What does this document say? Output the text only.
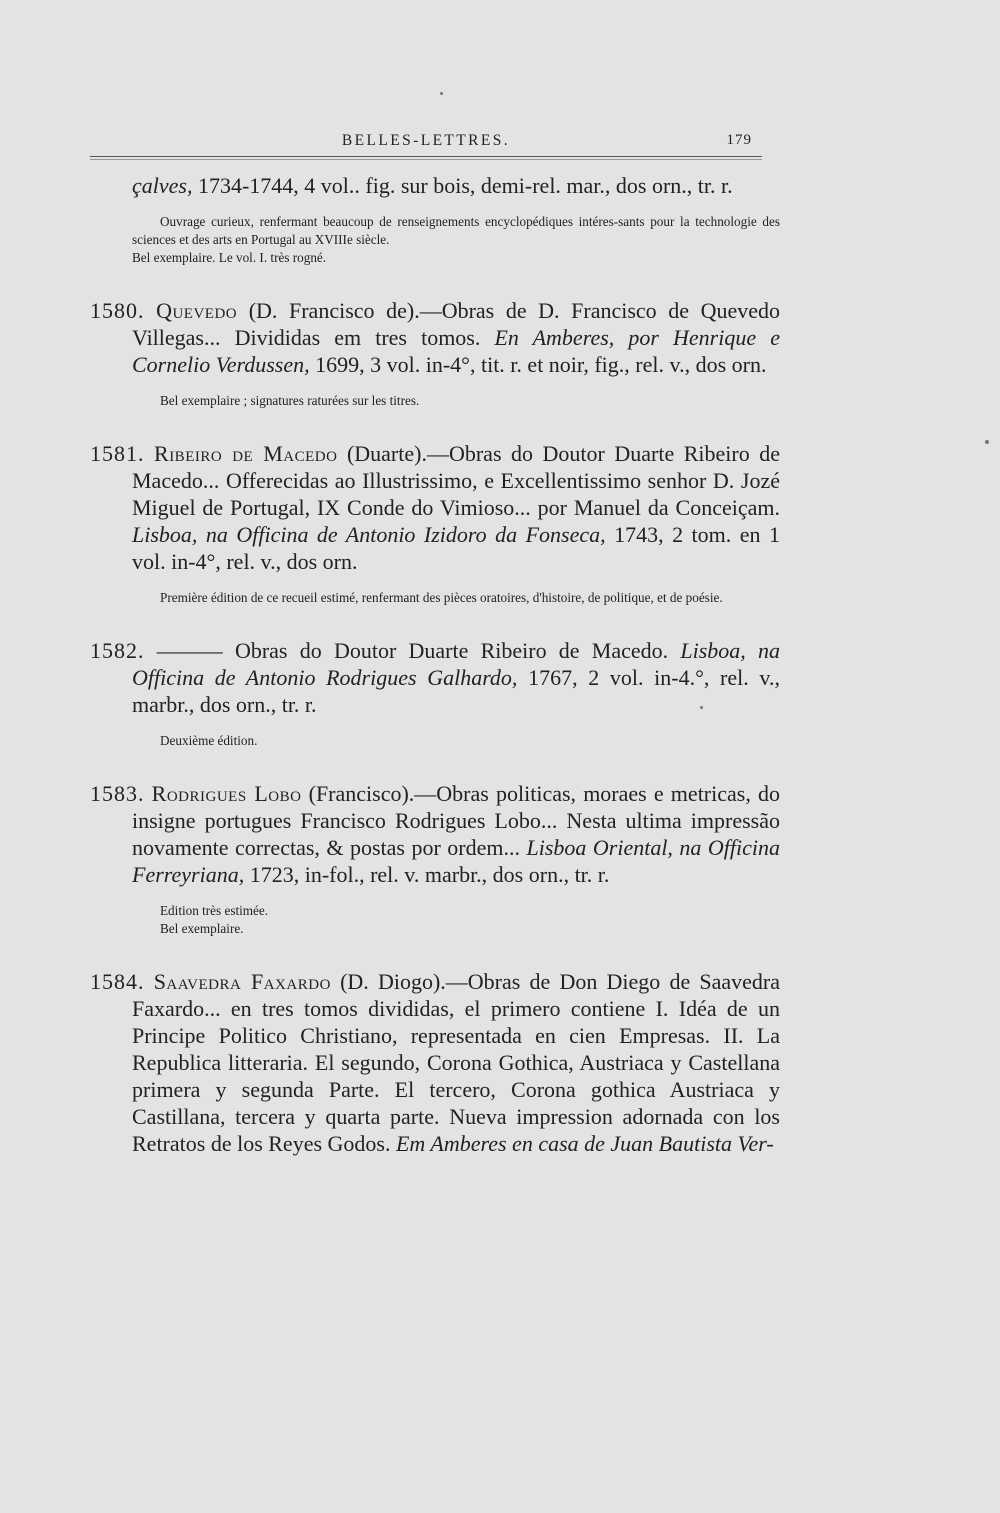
BELLES-LETTRES.	179

çalves, 1734-1744, 4 vol.. fig. sur bois, demi-rel. mar., dos orn., tr. r.

Ouvrage curieux, renfermant beaucoup de renseignements encyclopédiques intéres-sants pour la technologie des sciences et des arts en Portugal au XVIIIe siècle.
Bel exemplaire. Le vol. I. très rogné.

1580. Quevedo (D. Francisco de).—Obras de D. Francisco de Quevedo Villegas... Divididas em tres tomos. En Amberes, por Henrique e Cornelio Verdussen, 1699, 3 vol. in-4°, tit. r. et noir, fig., rel. v., dos orn.

Bel exemplaire ; signatures raturées sur les titres.

1581. Ribeiro de Macedo (Duarte).—Obras do Doutor Duarte Ribeiro de Macedo... Offerecidas ao Illustrissimo, e Excellentissimo senhor D. Jozé Miguel de Portugal, IX Conde do Vimioso... por Manuel da Conceiçam. Lisboa, na Officina de Antonio Izidoro da Fonseca, 1743, 2 tom. en 1 vol. in-4°, rel. v., dos orn.

Première édition de ce recueil estimé, renfermant des pièces oratoires, d'histoire, de politique, et de poésie.

1582. ——— Obras do Doutor Duarte Ribeiro de Macedo. Lisboa, na Officina de Antonio Rodrigues Galhardo, 1767, 2 vol. in-4.°, rel. v., marbr., dos orn., tr. r.

Deuxième édition.

1583. Rodrigues Lobo (Francisco).—Obras politicas, moraes e metricas, do insigne portugues Francisco Rodrigues Lobo... Nesta ultima impressão novamente correctas, & postas por ordem... Lisboa Oriental, na Officina Ferreyriana, 1723, in-fol., rel. v. marbr., dos orn., tr. r.

Edition très estimée.
Bel exemplaire.

1584. Saavedra Faxardo (D. Diogo).—Obras de Don Diego de Saavedra Faxardo... en tres tomos divididas, el primero contiene I. Idéa de un Principe Politico Christiano, representada en cien Empresas. II. La Republica litteraria. El segundo, Corona Gothica, Austriaca y Castellana primera y segunda Parte. El tercero, Corona gothica Austriaca y Castillana, tercera y quarta parte. Nueva impression adornada con los Retratos de los Reyes Godos. Em Amberes en casa de Juan Bautista Ver-
